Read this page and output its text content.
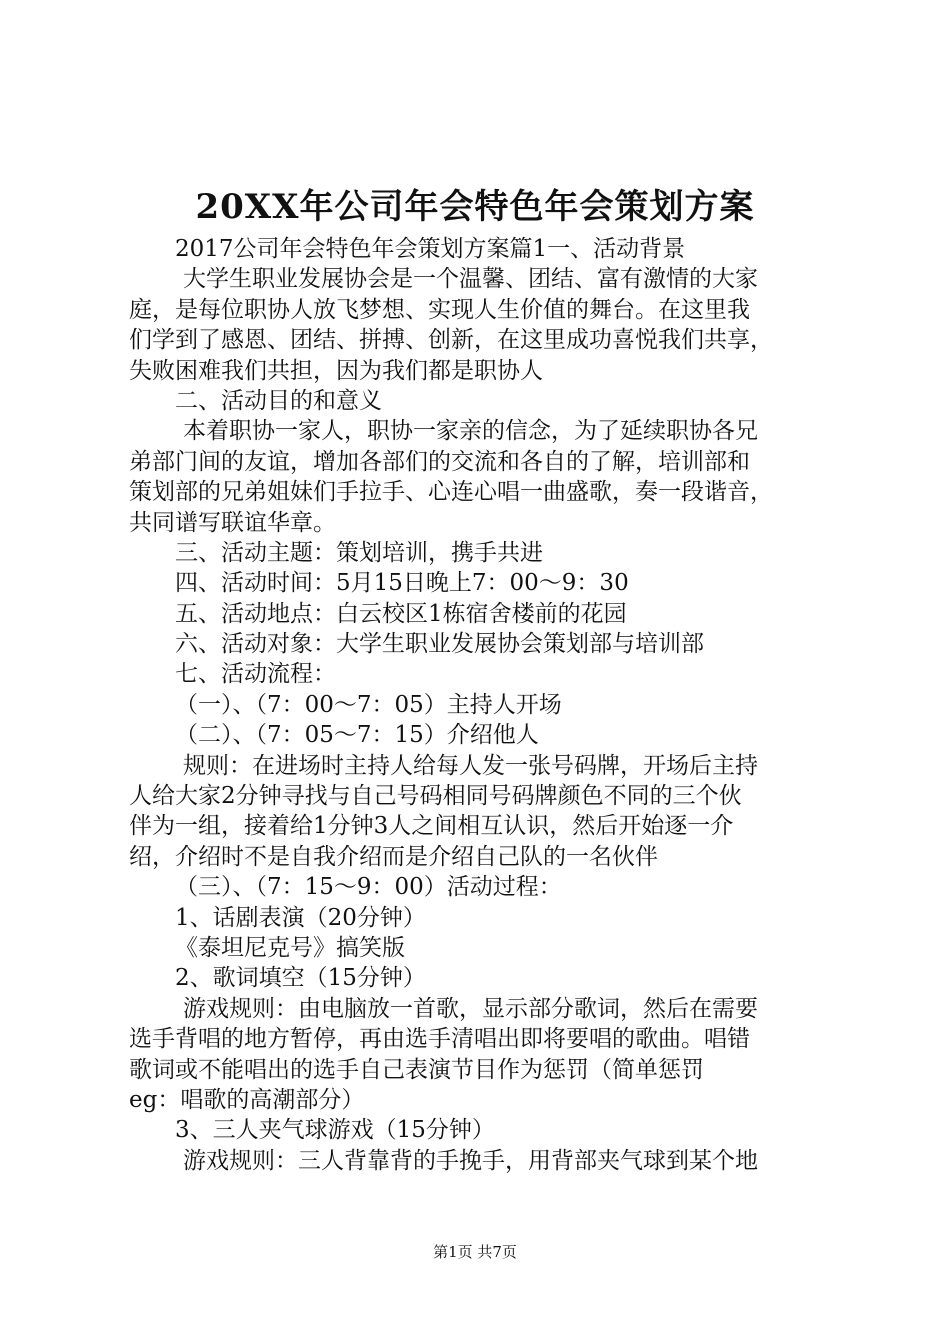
20XX年公司年会特色年会策划方案
2017公司年会特色年会策划方案篇1一、活动背景
大学生职业发展协会是一个温馨、团结、富有激情的大家
庭，是每位职协人放飞梦想、实现人生价值的舞台。在这里我
们学到了感恩、团结、拼搏、创新，在这里成功喜悦我们共享，
失败困难我们共担，因为我们都是职协人
二、活动目的和意义
本着职协一家人，职协一家亲的信念，为了延续职协各兄
弟部门间的友谊，增加各部们的交流和各自的了解，培训部和
策划部的兄弟姐妹们手拉手、心连心唱一曲盛歌，奏一段谐音，
共同谱写联谊华章。
三、活动主题：策划培训，携手共进
四、活动时间：5月15日晚上7：00～9：30
五、活动地点：白云校区1栋宿舍楼前的花园
六、活动对象：大学生职业发展协会策划部与培训部
七、活动流程：
（一）、（7：00～7：05）主持人开场
（二）、（7：05～7：15）介绍他人
规则：在进场时主持人给每人发一张号码牌，开场后主持
人给大家2分钟寻找与自己号码相同号码牌颜色不同的三个伙
伴为一组，接着给1分钟3人之间相互认识，然后开始逐一介
绍，介绍时不是自我介绍而是介绍自己队的一名伙伴
（三）、（7：15～9：00）活动过程：
1、话剧表演（20分钟）
《泰坦尼克号》搞笑版
2、歌词填空（15分钟）
游戏规则：由电脑放一首歌，显示部分歌词，然后在需要
选手背唱的地方暂停，再由选手清唱出即将要唱的歌曲。唱错
歌词或不能唱出的选手自己表演节目作为惩罚（简单惩罚
eg：唱歌的高潮部分）
3、三人夹气球游戏（15分钟）
游戏规则：三人背靠背的手挽手，用背部夹气球到某个地
第1页 共7页
